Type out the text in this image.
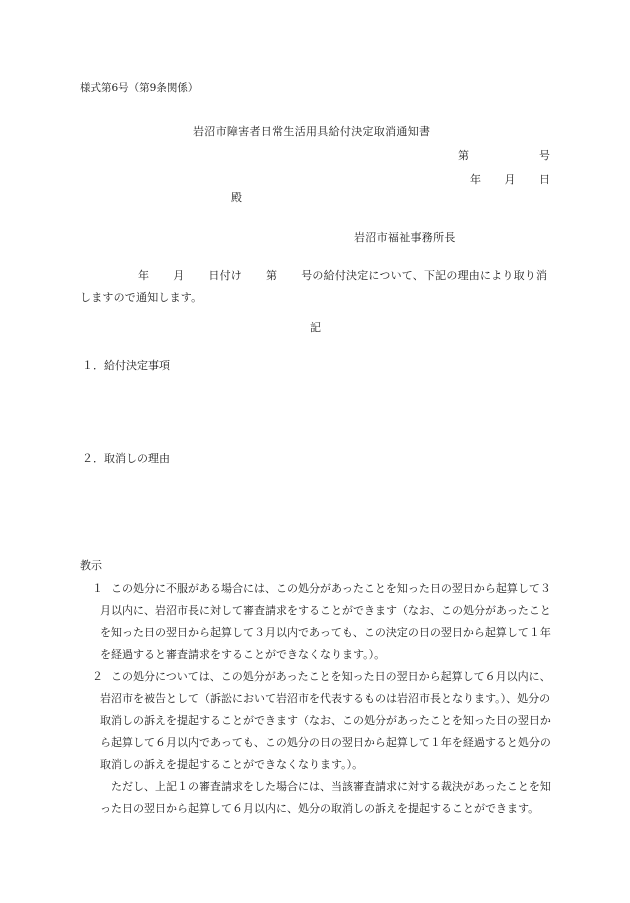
様式第6号（第9条関係）
岩沼市障害者日常生活用具給付決定取消通知書
第	号
年 月 日
殿
岩沼市福祉事務所長
年 月 日付け 第 号の給付決定について、下記の理由により取り消しますので通知します。
記
１．給付決定事項
２．取消しの理由
教示
１ この処分に不服がある場合には、この処分があったことを知った日の翌日から起算して３月以内に、岩沼市長に対して審査請求をすることができます（なお、この処分があったことを知った日の翌日から起算して３月以内であっても、この決定の日の翌日から起算して１年を経過すると審査請求をすることができなくなります。）。
２ この処分については、この処分があったことを知った日の翌日から起算して６月以内に、岩沼市を被告として（訴訟において岩沼市を代表するものは岩沼市長となります。）、処分の取消しの訴えを提起することができます（なお、この処分があったことを知った日の翌日から起算して６月以内であっても、この処分の日の翌日から起算して１年を経過すると処分の取消しの訴えを提起することができなくなります。）。
ただし、上記１の審査請求をした場合には、当該審査請求に対する裁決があったことを知った日の翌日から起算して６月以内に、処分の取消しの訴えを提起することができます。
